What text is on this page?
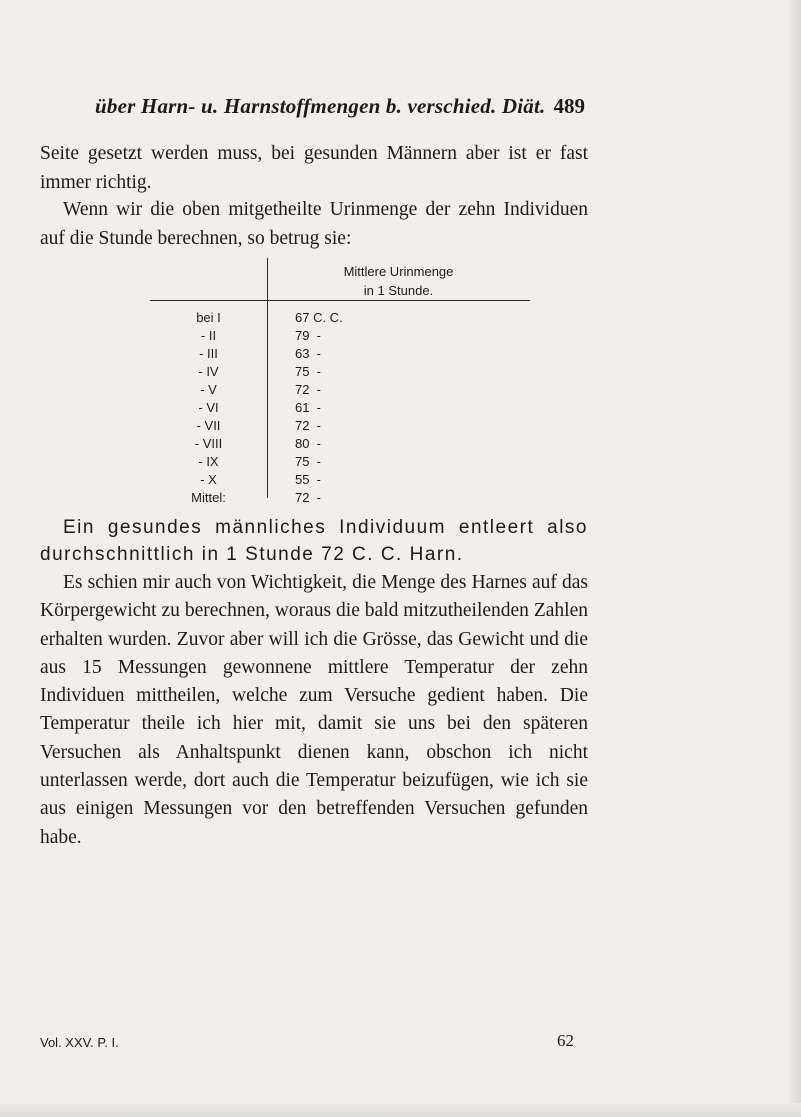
über Harn- u. Harnstoffmengen b. verschied. Diät. 489

Seite gesetzt werden muss, bei gesunden Männern aber ist er fast immer richtig.

Wenn wir die oben mitgetheilte Urinmenge der zehn Individuen auf die Stunde berechnen, so betrug sie:

Mittlere Urinmenge
in 1 Stunde.
bei I	67 C. C.
- II	79  -
- III	63  -
- IV	75  -
- V	72  -
- VI	61  -
- VII	72  -
- VIII	80  -
- IX	75  -
- X	55  -
Mittel:	72  -

Ein gesundes männliches Individuum entleert also durchschnittlich in 1 Stunde 72 C. C. Harn.

Es schien mir auch von Wichtigkeit, die Menge des Harnes auf das Körpergewicht zu berechnen, woraus die bald mitzutheilenden Zahlen erhalten wurden. Zuvor aber will ich die Grösse, das Gewicht und die aus 15 Messungen gewonnene mittlere Temperatur der zehn Individuen mittheilen, welche zum Versuche gedient haben. Die Temperatur theile ich hier mit, damit sie uns bei den späteren Versuchen als Anhaltspunkt dienen kann, obschon ich nicht unterlassen werde, dort auch die Temperatur beizufügen, wie ich sie aus einigen Messungen vor den betreffenden Versuchen gefunden habe.

Vol. XXV. P. I.	62
